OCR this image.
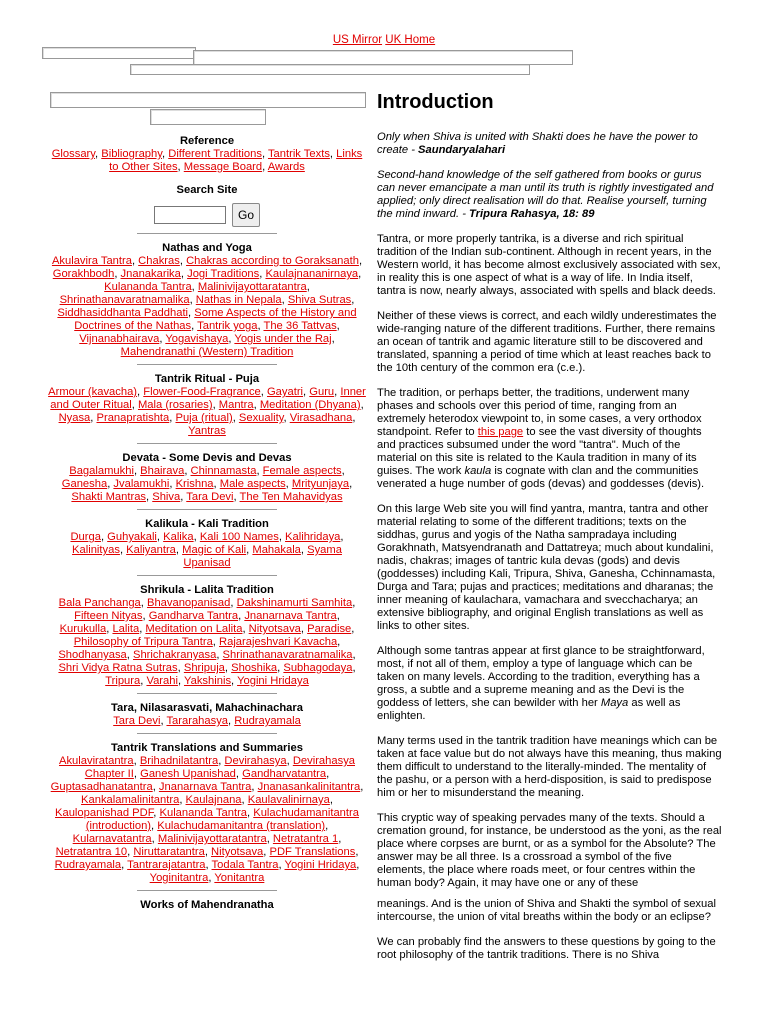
US Mirror UK Home
Reference
Glossary, Bibliography, Different Traditions, Tantrik Texts, Links to Other Sites, Message Board, Awards
Search Site
Go
Nathas and Yoga
Akulavira Tantra, Chakras, Chakras according to Goraksanath, Gorakhbodh, Jnanakarika, Jogi Traditions, Kaulajnananirnaya, Kulananda Tantra, Malinivijayottaratantra, Shrinathanavaratnamalika, Nathas in Nepala, Shiva Sutras, Siddhasiddhanta Paddhati, Some Aspects of the History and Doctrines of the Nathas, Tantrik yoga, The 36 Tattvas, Vijnanabhairava, Yogavishaya, Yogis under the Raj, Mahendranathi (Western) Tradition
Tantrik Ritual - Puja
Armour (kavacha), Flower-Food-Fragrance, Gayatri, Guru, Inner and Outer Ritual, Mala (rosaries), Mantra, Meditation (Dhyana), Nyasa, Pranapratishta, Puja (ritual), Sexuality, Virasadhana, Yantras
Devata - Some Devis and Devas
Bagalamukhi, Bhairava, Chinnamasta, Female aspects, Ganesha, Jvalamukhi, Krishna, Male aspects, Mrityunjaya, Shakti Mantras, Shiva, Tara Devi, The Ten Mahavidyas
Kalikula - Kali Tradition
Durga, Guhyakali, Kalika, Kali 100 Names, Kalihridaya, Kalinityas, Kaliyantra, Magic of Kali, Mahakala, Syama Upanisad
Shrikula - Lalita Tradition
Bala Panchanga, Bhavanopanisad, Dakshinamurti Samhita, Fifteen Nityas, Gandharva Tantra, Jnanarnava Tantra, Kurukulla, Lalita, Meditation on Lalita, Nityotsava, Paradise, Philosophy of Tripura Tantra, Rajarajeshvari Kavacha, Shodhanyasa, Shrichakranyasa, Shrinathanavaratnamalika, Shri Vidya Ratna Sutras, Shripuja, Shoshika, Subhagodaya, Tripura, Varahi, Yakshinis, Yogini Hridaya
Tara, Nilasarasvati, Mahachinachara
Tara Devi, Tararahasya, Rudrayamala
Tantrik Translations and Summaries
Akulaviratantra, Brihadnilatantra, Devirahasya, Devirahasya Chapter II, Ganesh Upanishad, Gandharvatantra, Guptasadhanatantra, Jnanarnava Tantra, Jnanasankalinitantra, Kankalamalinitantra, Kaulajnana, Kaulavalinirnaya, Kaulopanishad PDF, Kulananda Tantra, Kulachudamanitantra (introduction), Kulachudamanitantra (translation), Kularnavatantra, Malinivijayottaratantra, Netratantra 1, Netratantra 10, Niruttaratantra, Nityotsava, PDF Translations, Rudrayamala, Tantrarajatantra, Todala Tantra, Yogini Hridaya, Yoginitantra, Yonitantra
Works of Mahendranatha
Introduction

Only when Shiva is united with Shakti does he have the power to create - Saundaryalahari

Second-hand knowledge of the self gathered from books or gurus can never emancipate a man until its truth is rightly investigated and applied; only direct realisation will do that. Realise yourself, turning the mind inward. - Tripura Rahasya, 18: 89

Tantra, or more properly tantrika, is a diverse and rich spiritual tradition of the Indian sub-continent. Although in recent years, in the Western world, it has become almost exclusively associated with sex, in reality this is one aspect of what is a way of life. In India itself, tantra is now, nearly always, associated with spells and black deeds.

Neither of these views is correct, and each wildly underestimates the wide-ranging nature of the different traditions. Further, there remains an ocean of tantrik and agamic literature still to be discovered and translated, spanning a period of time which at least reaches back to the 10th century of the common era (c.e.).

The tradition, or perhaps better, the traditions, underwent many phases and schools over this period of time, ranging from an extremely heterodox viewpoint to, in some cases, a very orthodox standpoint. Refer to this page to see the vast diversity of thoughts and practices subsumed under the word "tantra". Much of the material on this site is related to the Kaula tradition in many of its guises. The work kaula is cognate with clan and the communities venerated a huge number of gods (devas) and goddesses (devis).

On this large Web site you will find yantra, mantra, tantra and other material relating to some of the different traditions; texts on the siddhas, gurus and yogis of the Natha sampradaya including Gorakhnath, Matsyendranath and Dattatreya; much about kundalini, nadis, chakras; images of tantric kula devas (gods) and devis (goddesses) including Kali, Tripura, Shiva, Ganesha, Cchinnamasta, Durga and Tara; pujas and practices; meditations and dharanas; the inner meaning of kaulachara, vamachara and svecchacharya; an extensive bibliography, and original English translations as well as links to other sites.

Although some tantras appear at first glance to be straightforward, most, if not all of them, employ a type of language which can be taken on many levels. According to the tradition, everything has a gross, a subtle and a supreme meaning and as the Devi is the goddess of letters, she can bewilder with her Maya as well as enlighten.

Many terms used in the tantrik tradition have meanings which can be taken at face value but do not always have this meaning, thus making them difficult to understand to the literally-minded. The mentality of the pashu, or a person with a herd-disposition, is said to predispose him or her to misunderstand the meaning.

This cryptic way of speaking pervades many of the texts. Should a cremation ground, for instance, be understood as the yoni, as the real place where corpses are burnt, or as a symbol for the Absolute? The answer may be all three. Is a crossroad a symbol of the five elements, the place where roads meet, or four centres within the human body? Again, it may have one or any of these

meanings. And is the union of Shiva and Shakti the symbol of sexual intercourse, the union of vital breaths within the body or an eclipse?

We can probably find the answers to these questions by going to the root philosophy of the tantrik traditions. There is no Shiva
